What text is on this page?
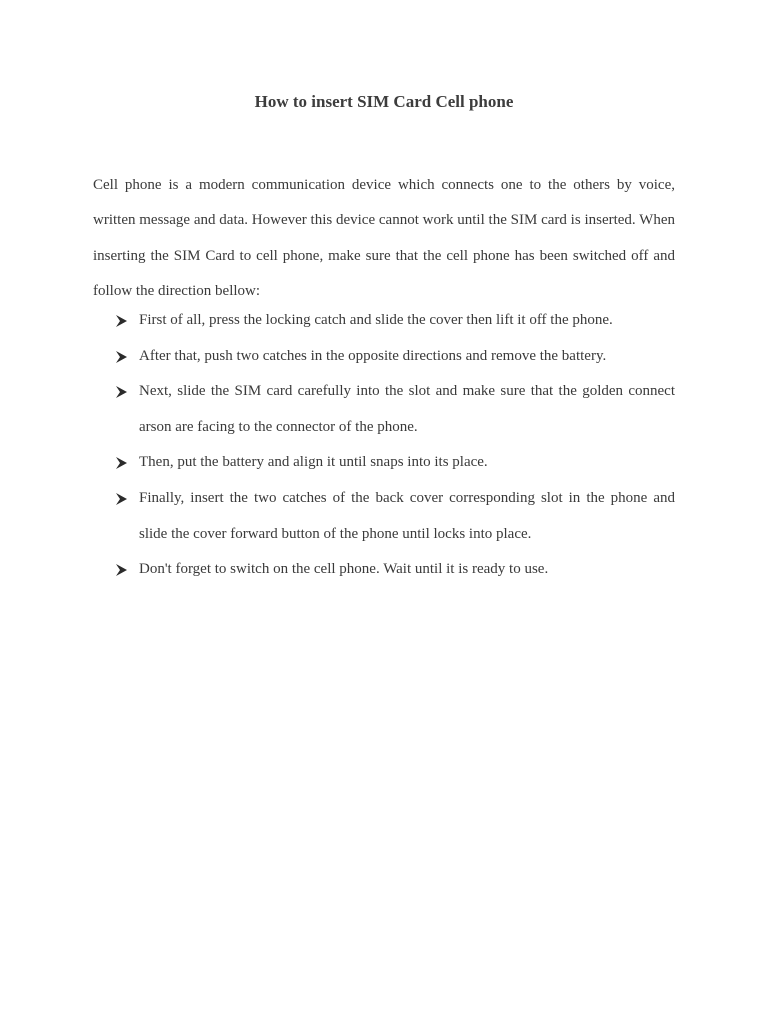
How to insert SIM Card Cell phone

Cell phone is a modern communication device which connects one to the others by voice, written message and data. However this device cannot work until the SIM card is inserted. When inserting the SIM Card to cell phone, make sure that the cell phone has been switched off and follow the direction bellow:

First of all, press the locking catch and slide the cover then lift it off the phone.
After that, push two catches in the opposite directions and remove the battery.
Next, slide the SIM card carefully into the slot and make sure that the golden connect arson are facing to the connector of the phone.
Then, put the battery and align it until snaps into its place.
Finally, insert the two catches of the back cover corresponding slot in the phone and slide the cover forward button of the phone until locks into place.
Don't forget to switch on the cell phone. Wait until it is ready to use.
